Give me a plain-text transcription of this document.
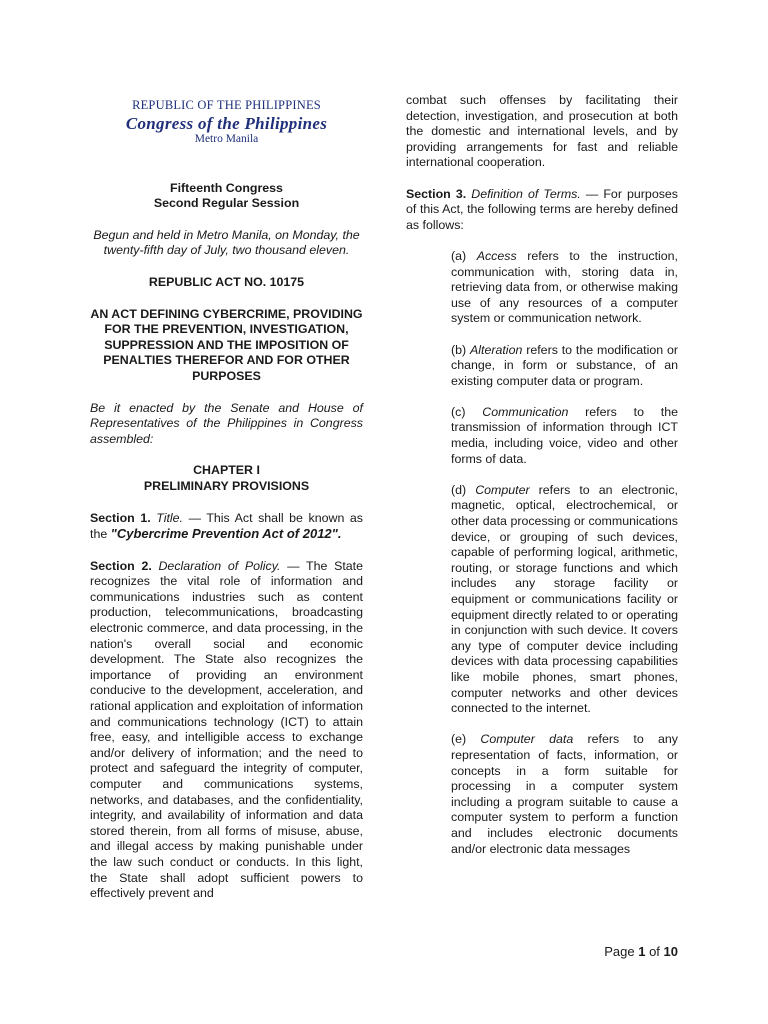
REPUBLIC OF THE PHILIPPINES
Congress of the Philippines
Metro Manila
Fifteenth Congress
Second Regular Session

Begun and held in Metro Manila, on Monday, the twenty-fifth day of July, two thousand eleven.

REPUBLIC ACT NO. 10175

AN ACT DEFINING CYBERCRIME, PROVIDING FOR THE PREVENTION, INVESTIGATION, SUPPRESSION AND THE IMPOSITION OF PENALTIES THEREFOR AND FOR OTHER PURPOSES

Be it enacted by the Senate and House of Representatives of the Philippines in Congress assembled:

CHAPTER I
PRELIMINARY PROVISIONS

Section 1. Title. — This Act shall be known as the "Cybercrime Prevention Act of 2012".

Section 2. Declaration of Policy. — The State recognizes the vital role of information and communications industries such as content production, telecommunications, broadcasting electronic commerce, and data processing, in the nation's overall social and economic development. The State also recognizes the importance of providing an environment conducive to the development, acceleration, and rational application and exploitation of information and communications technology (ICT) to attain free, easy, and intelligible access to exchange and/or delivery of information; and the need to protect and safeguard the integrity of computer, computer and communications systems, networks, and databases, and the confidentiality, integrity, and availability of information and data stored therein, from all forms of misuse, abuse, and illegal access by making punishable under the law such conduct or conducts. In this light, the State shall adopt sufficient powers to effectively prevent and

combat such offenses by facilitating their detection, investigation, and prosecution at both the domestic and international levels, and by providing arrangements for fast and reliable international cooperation.

Section 3. Definition of Terms. — For purposes of this Act, the following terms are hereby defined as follows:

(a) Access refers to the instruction, communication with, storing data in, retrieving data from, or otherwise making use of any resources of a computer system or communication network.

(b) Alteration refers to the modification or change, in form or substance, of an existing computer data or program.

(c) Communication refers to the transmission of information through ICT media, including voice, video and other forms of data.

(d) Computer refers to an electronic, magnetic, optical, electrochemical, or other data processing or communications device, or grouping of such devices, capable of performing logical, arithmetic, routing, or storage functions and which includes any storage facility or equipment or communications facility or equipment directly related to or operating in conjunction with such device. It covers any type of computer device including devices with data processing capabilities like mobile phones, smart phones, computer networks and other devices connected to the internet.

(e) Computer data refers to any representation of facts, information, or concepts in a form suitable for processing in a computer system including a program suitable to cause a computer system to perform a function and includes electronic documents and/or electronic data messages

Page 1 of 10
